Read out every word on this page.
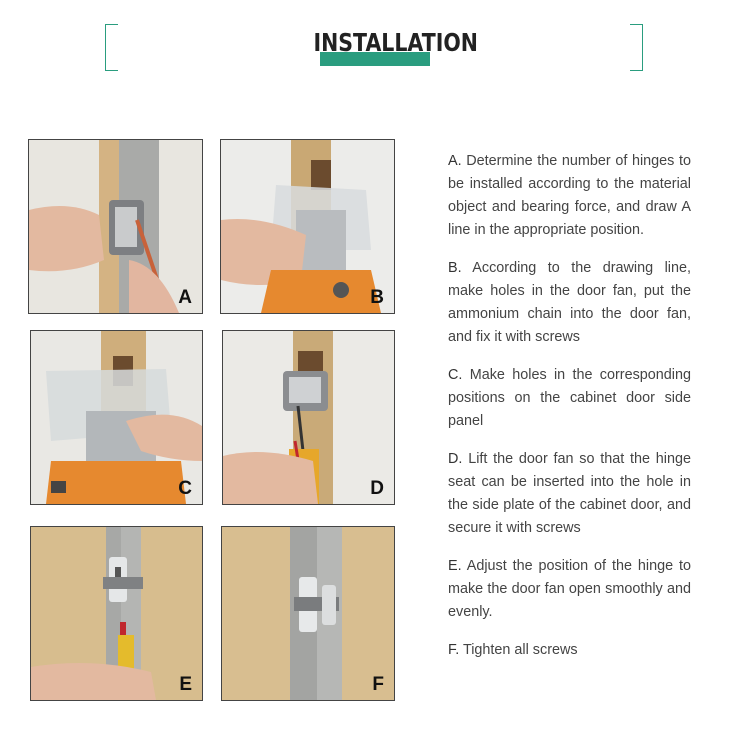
INSTALLATION
A	B
C	D
E	F
A. Determine the number of hinges to be installed according to the material object and bearing force, and draw A line in the appropriate position.
B. According to the drawing line, make holes in the door fan, put the ammonium chain into the door fan, and fix it with screws
C. Make holes in the corresponding positions on the cabinet door side panel
D. Lift the door fan so that the hinge seat can be inserted into the hole in the side plate of the cabinet door, and secure it with screws
E. Adjust the position of the hinge to make the door fan open smoothly and evenly.
F. Tighten all screws
